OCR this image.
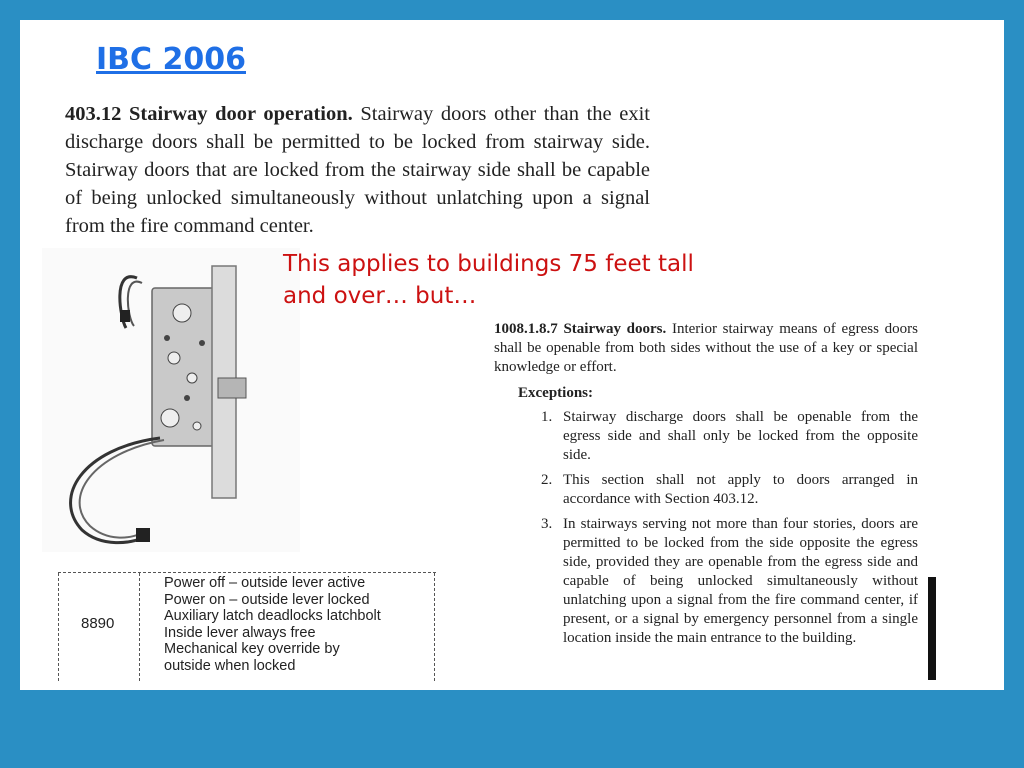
IBC 2006
403.12 Stairway door operation. Stairway doors other than the exit discharge doors shall be permitted to be locked from stairway side. Stairway doors that are locked from the stairway side shall be capable of being unlocked simultaneously without unlatching upon a signal from the fire command center.
This applies to buildings 75 feet tall and over… but…
8890
Power off – outside lever active
Power on – outside lever locked
Auxiliary latch deadlocks latchbolt
Inside lever always free
Mechanical key override by
outside when locked

1008.1.8.7 Stairway doors. Interior stairway means of egress doors shall be openable from both sides without the use of a key or special knowledge or effort.

Exceptions:
1. Stairway discharge doors shall be openable from the egress side and shall only be locked from the opposite side.
2. This section shall not apply to doors arranged in accordance with Section 403.12.
3. In stairways serving not more than four stories, doors are permitted to be locked from the side opposite the egress side, provided they are openable from the egress side and capable of being unlocked simultaneously without unlatching upon a signal from the fire command center, if present, or a signal by emergency personnel from a single location inside the main entrance to the building.
